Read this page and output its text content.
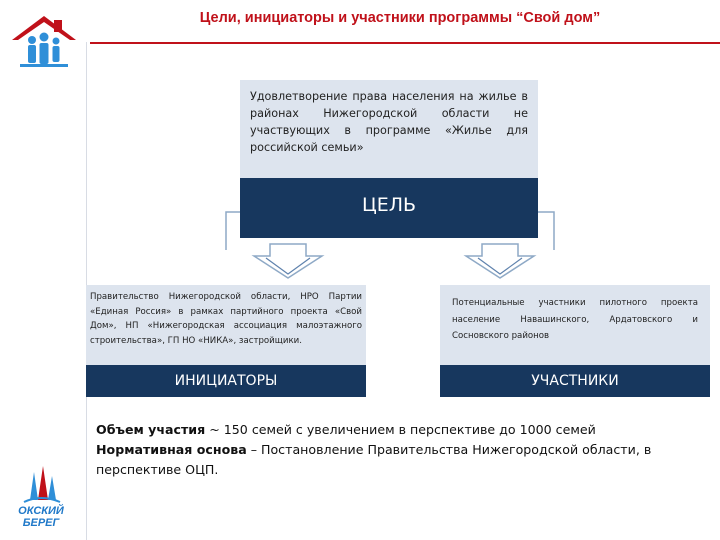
Цели, инициаторы и участники программы “Свой дом”
Удовлетворение права населения на жилье в районах Нижегородской области не участвующих в программе «Жилье для российской семьи»
ЦЕЛЬ
Правительство Нижегородской области, НРО Партии «Единая Россия» в рамках партийного проекта «Свой Дом», НП «Нижегородская ассоциация малоэтажного строительства», ГП НО «НИКА», застройщики.
ИНИЦИАТОРЫ
Потенциальные участники пилотного проекта население Навашинского, Ардатовского и Сосновского районов
УЧАСТНИКИ
Объем участия ~ 150 семей с увеличением в перспективе до 1000 семей
Нормативная основа – Постановление Правительства Нижегородской области, в перспективе ОЦП.
ОКСКИЙ
БЕРЕГ
